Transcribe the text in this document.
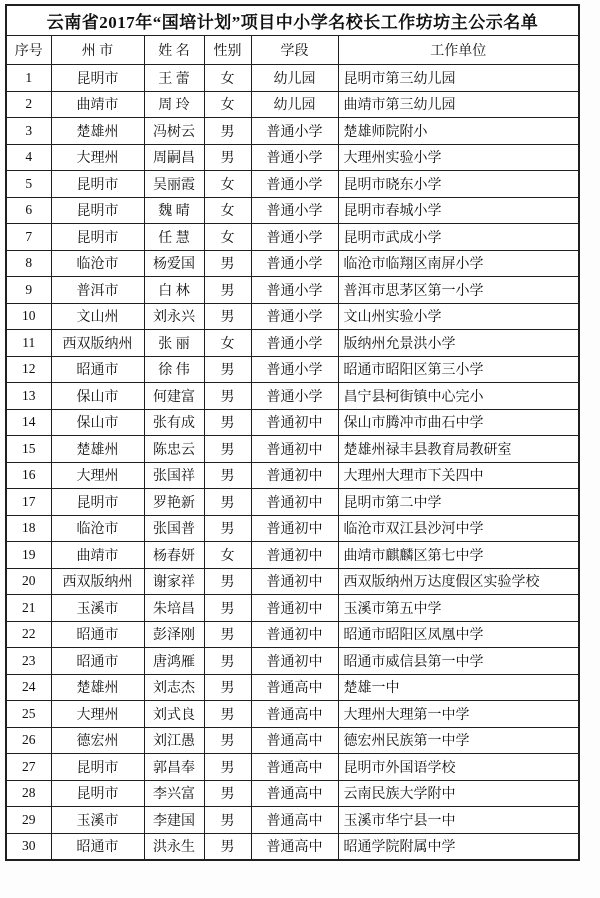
云南省2017年“国培计划”项目中小学名校长工作坊坊主公示名单					
序号	州 市	姓 名	性别	学段	工作单位
1	昆明市	王 蕾	女	幼儿园	昆明市第三幼儿园
2	曲靖市	周 玲	女	幼儿园	曲靖市第三幼儿园
3	楚雄州	冯树云	男	普通小学	楚雄师院附小
4	大理州	周嗣昌	男	普通小学	大理州实验小学
5	昆明市	吴丽霞	女	普通小学	昆明市晓东小学
6	昆明市	魏 晴	女	普通小学	昆明市春城小学
7	昆明市	任 慧	女	普通小学	昆明市武成小学
8	临沧市	杨爱国	男	普通小学	临沧市临翔区南屏小学
9	普洱市	白 林	男	普通小学	普洱市思茅区第一小学
10	文山州	刘永兴	男	普通小学	文山州实验小学
11	西双版纳州	张 丽	女	普通小学	版纳州允景洪小学
12	昭通市	徐 伟	男	普通小学	昭通市昭阳区第三小学
13	保山市	何建富	男	普通小学	昌宁县柯街镇中心完小
14	保山市	张有成	男	普通初中	保山市腾冲市曲石中学
15	楚雄州	陈忠云	男	普通初中	楚雄州禄丰县教育局教研室
16	大理州	张国祥	男	普通初中	大理州大理市下关四中
17	昆明市	罗艳新	男	普通初中	昆明市第二中学
18	临沧市	张国普	男	普通初中	临沧市双江县沙河中学
19	曲靖市	杨春妍	女	普通初中	曲靖市麒麟区第七中学
20	西双版纳州	谢家祥	男	普通初中	西双版纳州万达度假区实验学校
21	玉溪市	朱培昌	男	普通初中	玉溪市第五中学
22	昭通市	彭泽刚	男	普通初中	昭通市昭阳区凤凰中学
23	昭通市	唐鸿雁	男	普通初中	昭通市威信县第一中学
24	楚雄州	刘志杰	男	普通高中	楚雄一中
25	大理州	刘式良	男	普通高中	大理州大理第一中学
26	德宏州	刘江愚	男	普通高中	德宏州民族第一中学
27	昆明市	郭昌奉	男	普通高中	昆明市外国语学校
28	昆明市	李兴富	男	普通高中	云南民族大学附中
29	玉溪市	李建国	男	普通高中	玉溪市华宁县一中
30	昭通市	洪永生	男	普通高中	昭通学院附属中学
